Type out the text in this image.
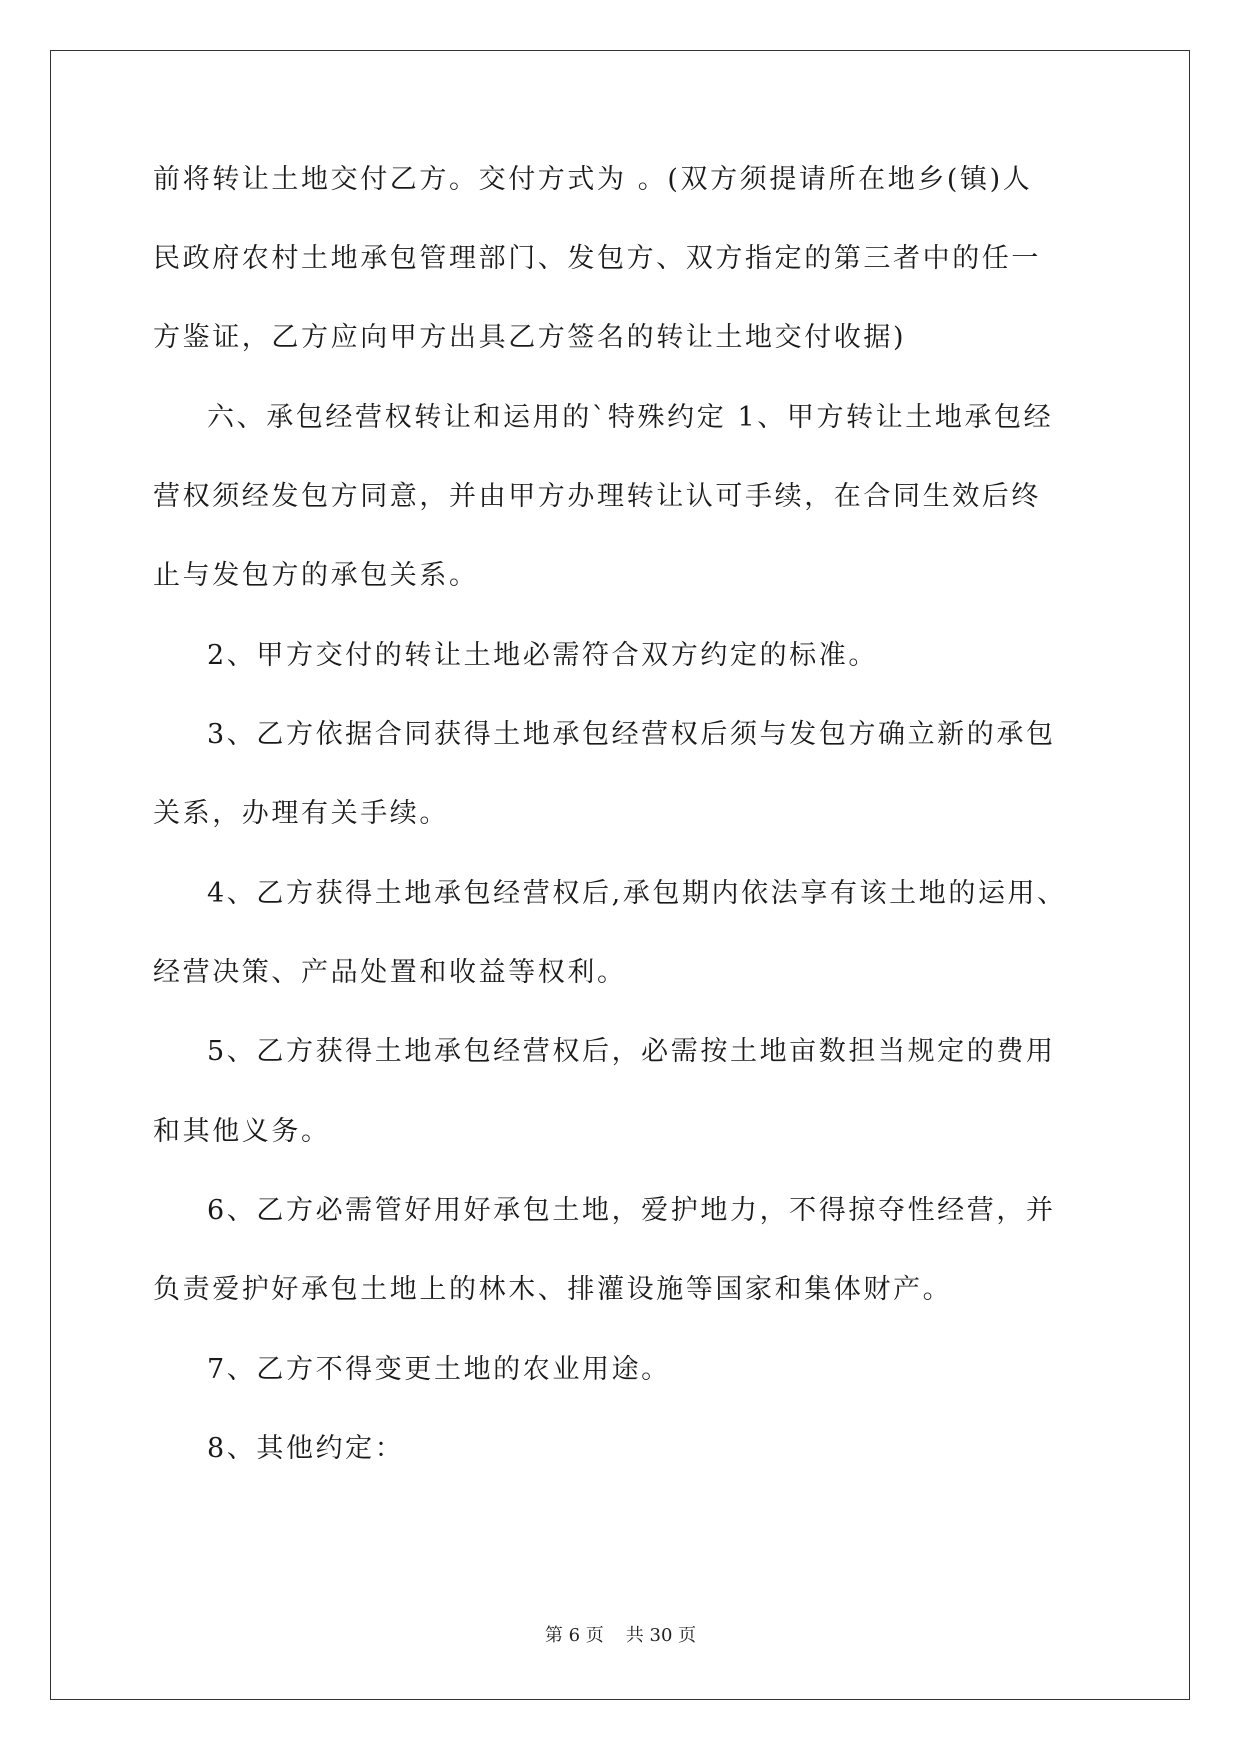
前将转让土地交付乙方。交付方式为 。(双方须提请所在地乡(镇)人
民政府农村土地承包管理部门、发包方、双方指定的第三者中的任一
方鉴证，乙方应向甲方出具乙方签名的转让土地交付收据)
六、承包经营权转让和运用的`特殊约定 1、甲方转让土地承包经
营权须经发包方同意，并由甲方办理转让认可手续，在合同生效后终
止与发包方的承包关系。
2、甲方交付的转让土地必需符合双方约定的标准。
3、乙方依据合同获得土地承包经营权后须与发包方确立新的承包
关系，办理有关手续。
4、乙方获得土地承包经营权后,承包期内依法享有该土地的运用、
经营决策、产品处置和收益等权利。
5、乙方获得土地承包经营权后，必需按土地亩数担当规定的费用
和其他义务。
6、乙方必需管好用好承包土地，爱护地力，不得掠夺性经营，并
负责爱护好承包土地上的林木、排灌设施等国家和集体财产。
7、乙方不得变更土地的农业用途。
8、其他约定：
第 6 页 共 30 页
